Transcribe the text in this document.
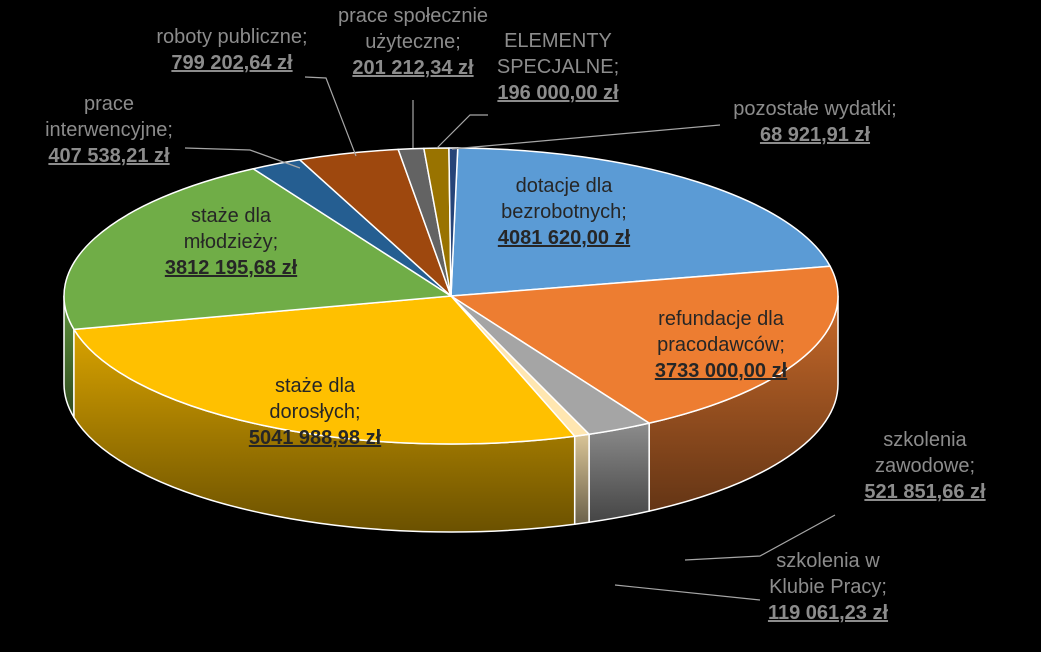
dotacje dla bezrobotnych; 4081 620,00 zł
refundacje dla pracodawców; 3733 000,00 zł
szkolenia zawodowe; 521 851,66 zł
szkolenia w Klubie Pracy; 119 061,23 zł
staże dla dorosłych; 5041 988,98 zł
staże dla młodzieży; 3812 195,68 zł
prace interwencyjne; 407 538,21 zł
roboty publiczne; 799 202,64 zł
prace społecznie użyteczne; 201 212,34 zł
ELEMENTY SPECJALNE; 196 000,00 zł
pozostałe wydatki; 68 921,91 zł
